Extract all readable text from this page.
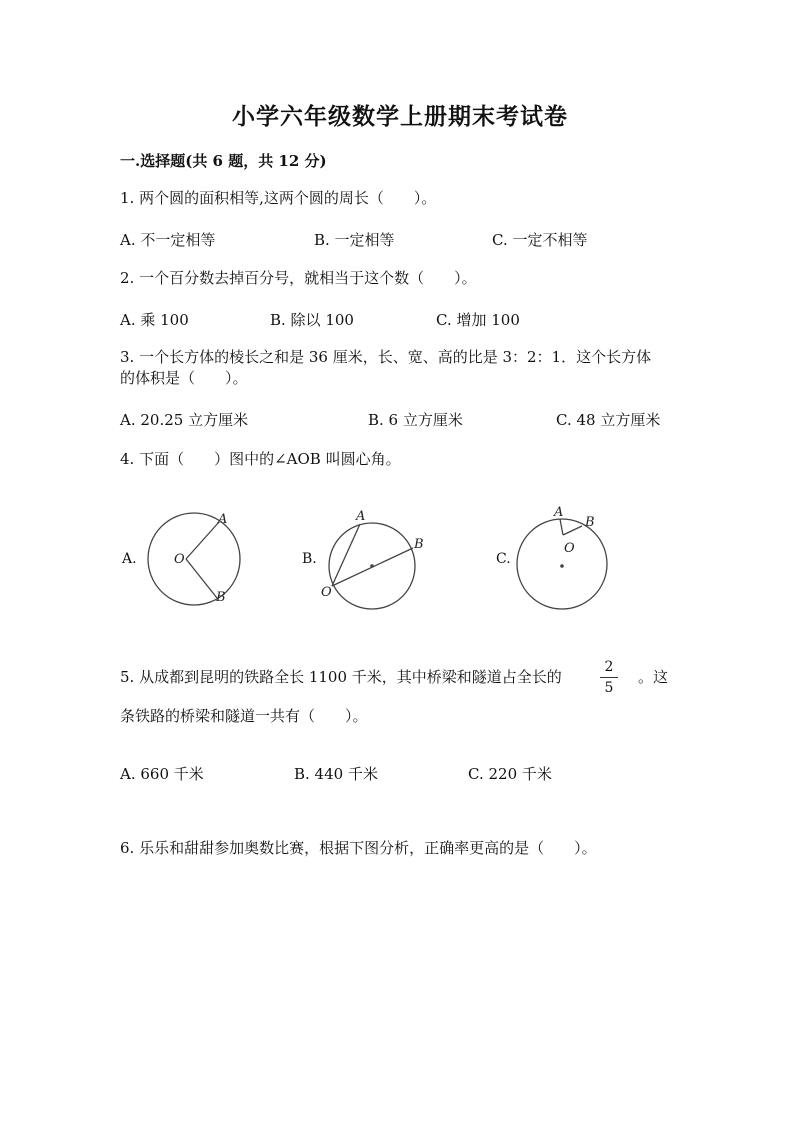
小学六年级数学上册期末考试卷
一.选择题(共 6 题，共 12 分)
1. 两个圆的面积相等,这两个圆的周长（　　）。
A. 不一定相等	B. 一定相等	C. 一定不相等
2. 一个百分数去掉百分号，就相当于这个数（　　）。
A. 乘 100	B. 除以 100	C. 增加 100
3. 一个长方体的棱长之和是 36 厘米，长、宽、高的比是 3：2：1．这个长方体
的体积是（　　）。
A. 20.25 立方厘米	B. 6 立方厘米	C. 48 立方厘米
4. 下面（　　）图中的∠AOB 叫圆心角。
A.
A
O
B
B.
A
B
O
C.
A
B
O
5. 从成都到昆明的铁路全长 1100 千米，其中桥梁和隧道占全长的
2
5
。这
条铁路的桥梁和隧道一共有（　　）。
A. 660 千米	B. 440 千米	C. 220 千米
6. 乐乐和甜甜参加奥数比赛，根据下图分析，正确率更高的是（　　）。
